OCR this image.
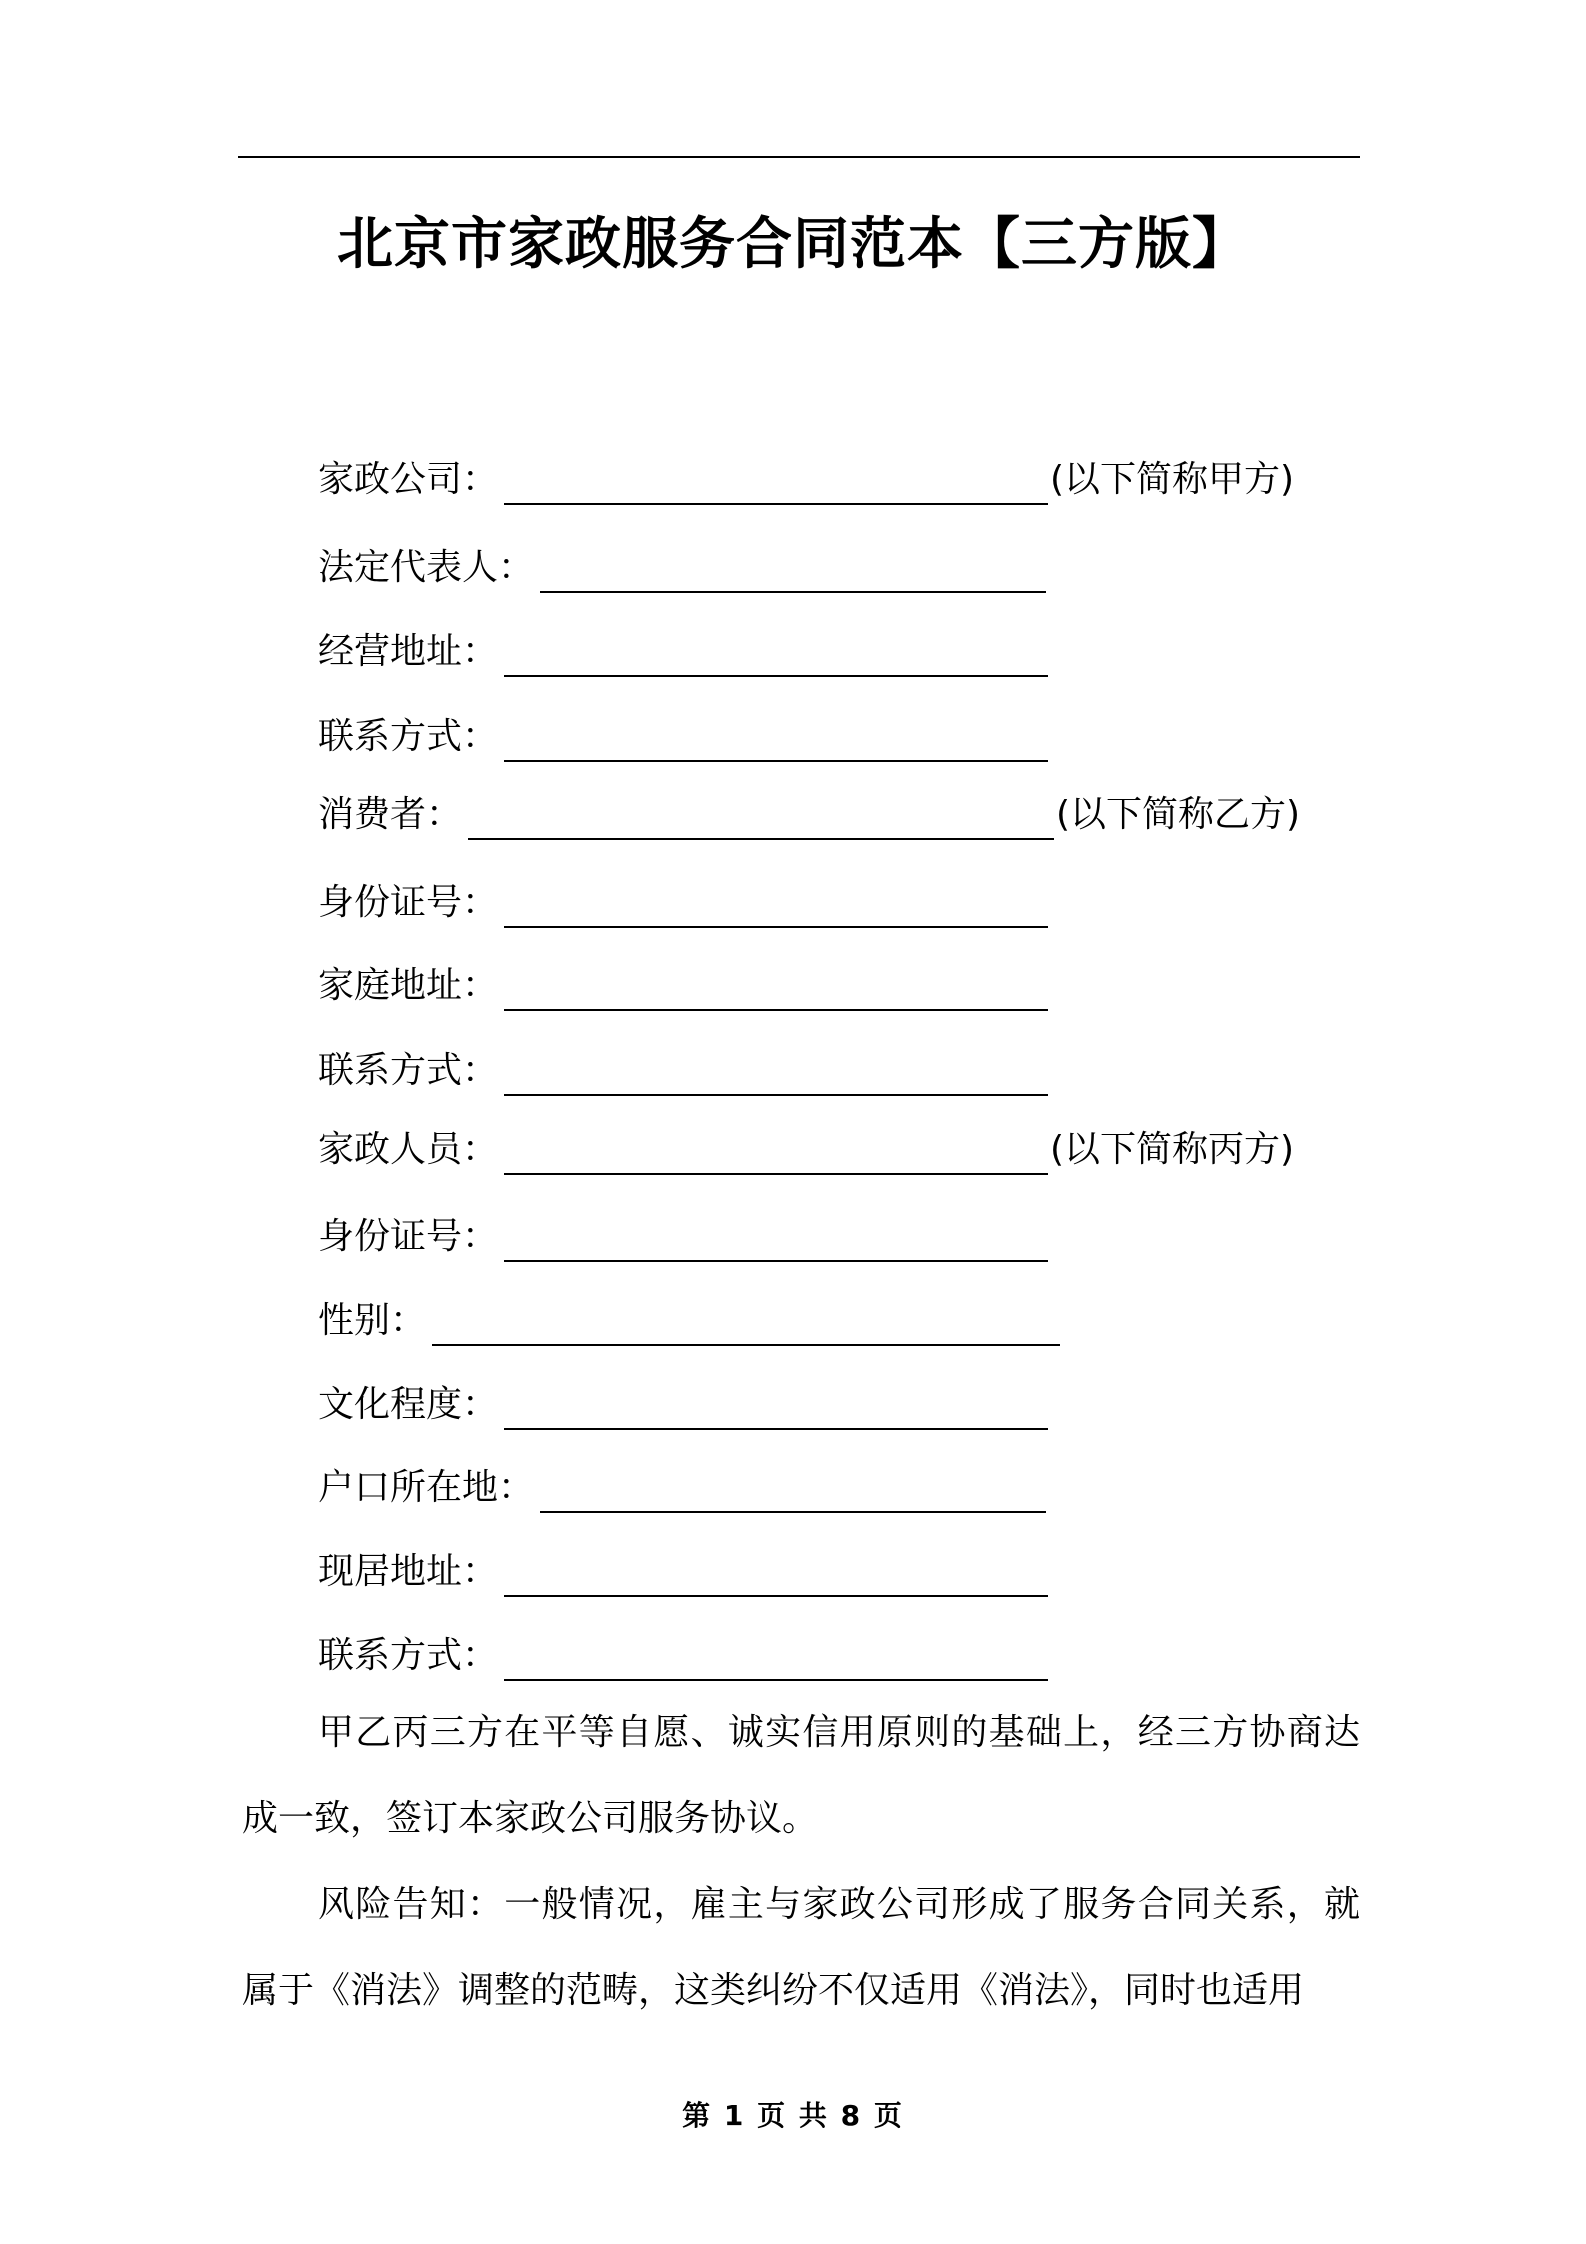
北京市家政服务合同范本【三方版】
家政公司：	(以下简称甲方)
法定代表人：
经营地址：
联系方式：
消费者：	(以下简称乙方)
身份证号：
家庭地址：
联系方式：
家政人员：	(以下简称丙方)
身份证号：
性别：
文化程度：
户口所在地：
现居地址：
联系方式：
甲乙丙三方在平等自愿、诚实信用原则的基础上，经三方协商达成一致，签订本家政公司服务协议。
风险告知：一般情况，雇主与家政公司形成了服务合同关系，就属于《消法》调整的范畴，这类纠纷不仅适用《消法》，同时也适用
第 1 页 共 8 页
